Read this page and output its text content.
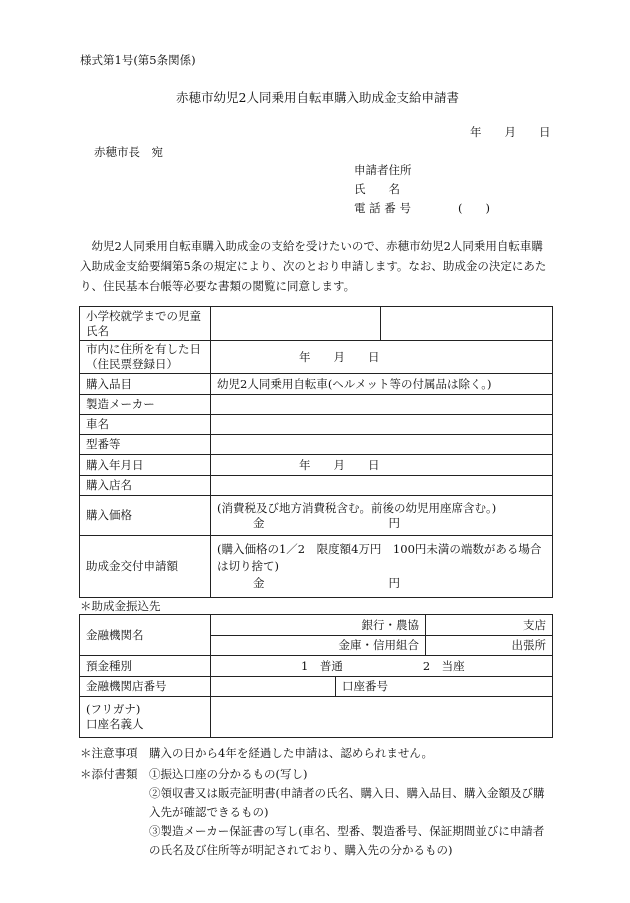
様式第1号(第5条関係)
赤穂市幼児2人同乗用自転車購入助成金支給申請書
年　　月　　日
赤穂市長　宛
申請者住所
氏　　名
電 話 番 号	(　　)
　幼児2人同乗用自転車購入助成金の支給を受けたいので、赤穂市幼児2人同乗用自転車購入助成金支給要綱第5条の規定により、次のとおり申請します。なお、助成金の決定にあたり、住民基本台帳等必要な書類の閲覧に同意します。
小学校就学までの児童
氏名		

市内に住所を有した日
（住民票登録日）	年　　月　　日	
購入品目	幼児2人同乗用自転車(ヘルメット等の付属品は除く。)	
製造メーカー		
車名		
型番等		
購入年月日	年　　月　　日	
購入店名		
購入価格	(消費税及び地方消費税含む。前後の幼児用座席含む。)
金 円	

助成金交付申請額	(購入価格の1／2　限度額4万円　100円未満の端数がある場合
は切り捨て)
金 円	
＊助成金振込先
金融機関名	銀行・農協		支店
	金庫・信用組合		出張所
預金種別	1　普通 2　当座		
金融機関店番号		口座番号	

(フリガナ)
口座名義人			

＊注意事項 購入の日から4年を経過した申請は、認められません。
＊添付書類 ①振込口座の分かるもの(写し)
②領収書又は販売証明書(申請者の氏名、購入日、購入品目、購入金額及び購
入先が確認できるもの)
③製造メーカー保証書の写し(車名、型番、製造番号、保証期間並びに申請者
の氏名及び住所等が明記されており、購入先の分かるもの)
